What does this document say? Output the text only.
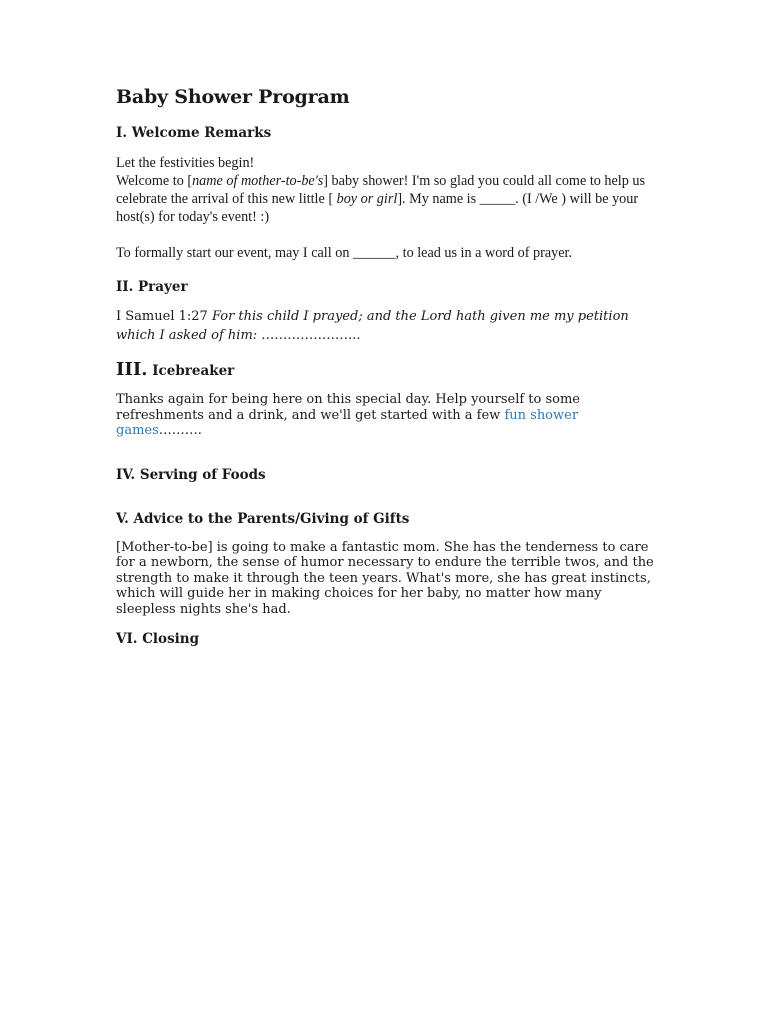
Baby Shower Program
I. Welcome Remarks

Let the festivities begin!
Welcome to [name of mother-to-be's] baby shower! I'm so glad you could all come to help us celebrate the arrival of this new little [ boy or girl]. My name is _____. (I /We ) will be your host(s) for today's event! :)

To formally start our event, may I call on ______, to lead us in a word of prayer.

II. Prayer

I Samuel 1:27 For this child I prayed; and the Lord hath given me my petition which I asked of him: …………………..

III. Icebreaker

Thanks again for being here on this special day. Help yourself to some refreshments and a drink, and we'll get started with a few fun shower games……….

IV. Serving of Foods
V. Advice to the Parents/Giving of Gifts

[Mother-to-be] is going to make a fantastic mom. She has the tenderness to care for a newborn, the sense of humor necessary to endure the terrible twos, and the strength to make it through the teen years. What's more, she has great instincts, which will guide her in making choices for her baby, no matter how many sleepless nights she's had.

VI. Closing
